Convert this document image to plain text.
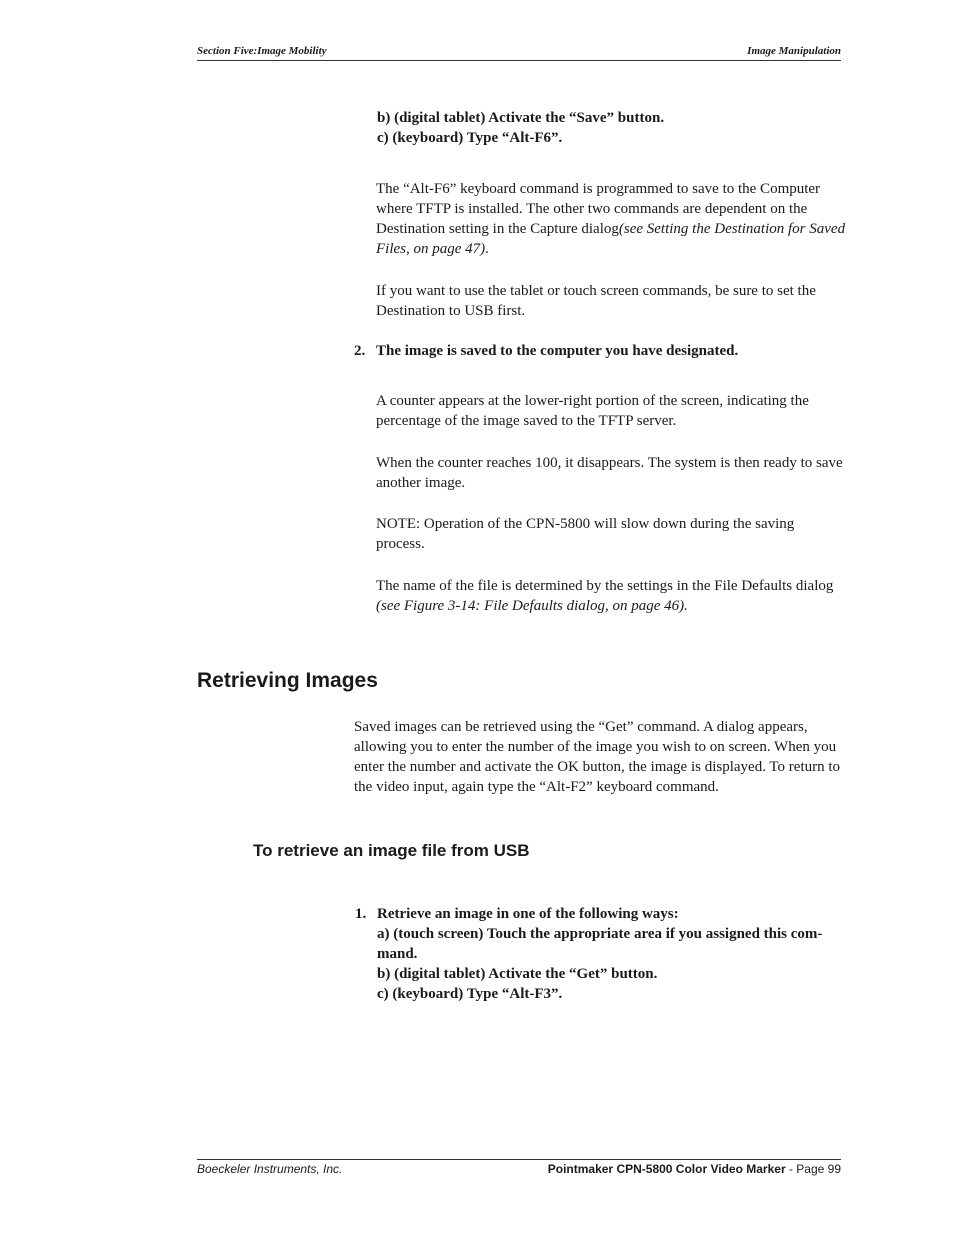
Section Five:Image Mobility	Image Manipulation
b) (digital tablet) Activate the “Save” button.
c) (keyboard) Type “Alt-F6”.
The “Alt-F6” keyboard command is programmed to save to the Computer
where TFTP is installed. The other two commands are dependent on the
Destination setting in the Capture dialog(see Setting the Destination for Saved
Files, on page 47).
If you want to use the tablet or touch screen commands, be sure to set the
Destination to USB first.
2. The image is saved to the computer you have designated.
A counter appears at the lower-right portion of the screen, indicating the
percentage of the image saved to the TFTP server.
When the counter reaches 100, it disappears. The system is then ready to save
another image.
NOTE: Operation of the CPN-5800 will slow down during the saving
process.
The name of the file is determined by the settings in the File Defaults dialog
(see Figure 3-14: File Defaults dialog, on page 46).
Retrieving Images
Saved images can be retrieved using the “Get” command. A dialog appears,
allowing you to enter the number of the image you wish to on screen. When you
enter the number and activate the OK button, the image is displayed. To return to
the video input, again type the “Alt-F2” keyboard command.
To retrieve an image file from USB
1. Retrieve an image in one of the following ways:
a) (touch screen) Touch the appropriate area if you assigned this com-
mand.
b) (digital tablet) Activate the “Get” button.
c) (keyboard) Type “Alt-F3”.
Boeckeler Instruments, Inc.	Pointmaker CPN-5800 Color Video Marker - Page 99
